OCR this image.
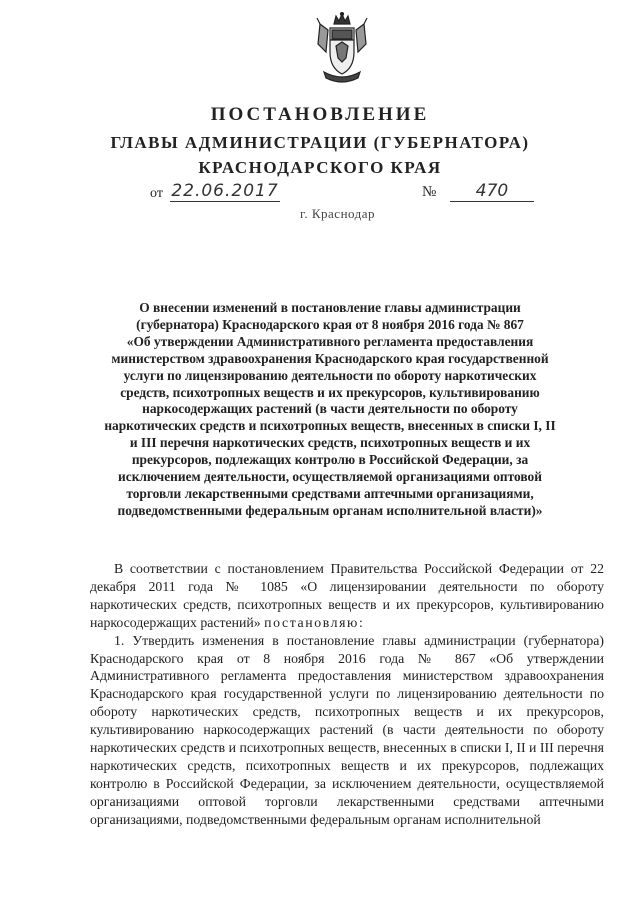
ПОСТАНОВЛЕНИЕ
ГЛАВЫ АДМИНИСТРАЦИИ (ГУБЕРНАТОРА)
КРАСНОДАРСКОГО КРАЯ
от 22.06.2017	№	470
г. Краснодар
О внесении изменений в постановление главы администрации
(губернатора) Краснодарского края от 8 ноября 2016 года № 867
«Об утверждении Административного регламента предоставления
министерством здравоохранения Краснодарского края государственной
услуги по лицензированию деятельности по обороту наркотических
средств, психотропных веществ и их прекурсоров, культивированию
наркосодержащих растений (в части деятельности по обороту
наркотических средств и психотропных веществ, внесенных в списки I, II
и III перечня наркотических средств, психотропных веществ и их
прекурсоров, подлежащих контролю в Российской Федерации, за
исключением деятельности, осуществляемой организациями оптовой
торговли лекарственными средствами аптечными организациями,
подведомственными федеральным органам исполнительной власти)»

В соответствии с постановлением Правительства Российской Федерации от 22 декабря 2011 года № 1085 «О лицензировании деятельности по обороту наркотических средств, психотропных веществ и их прекурсоров, культивированию наркосодержащих растений» постановляю:

1. Утвердить изменения в постановление главы администрации (губернатора) Краснодарского края от 8 ноября 2016 года № 867 «Об утверждении Административного регламента предоставления министерством здравоохранения Краснодарского края государственной услуги по лицензированию деятельности по обороту наркотических средств, психотропных веществ и их прекурсоров, культивированию наркосодержащих растений (в части деятельности по обороту наркотических средств и психотропных веществ, внесенных в списки I, II и III перечня наркотических средств, психотропных веществ и их прекурсоров, подлежащих контролю в Российской Федерации, за исключением деятельности, осуществляемой организациями оптовой торговли лекарственными средствами аптечными организациями, подведомственными федеральным органам исполнительной
